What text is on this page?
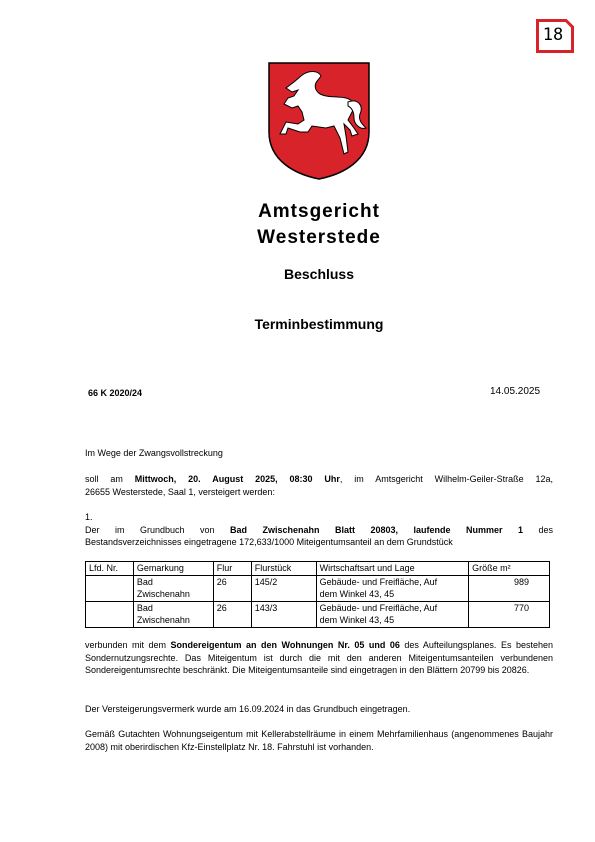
18
Amtsgericht
Westerstede
Beschluss
Terminbestimmung
66 K 2020/24	14.05.2025

Im Wege der Zwangsvollstreckung

soll am Mittwoch, 20. August 2025, 08:30 Uhr, im Amtsgericht Wilhelm-Geiler-Straße 12a,

26655 Westerstede, Saal 1, versteigert werden:

1.

Der im Grundbuch von Bad Zwischenahn Blatt 20803, laufende Nummer 1 des

Bestandsverzeichnisses eingetragene 172,633/1000 Miteigentumsanteil an dem Grundstück

Lfd. Nr.	Gemarkung	Flur	Flurstück	Wirtschaftsart und Lage	Größe m²
	Bad
Zwischenahn	26	145/2	Gebäude- und Freifläche, Auf
dem Winkel 43, 45	989
	Bad
Zwischenahn	26	143/3	Gebäude- und Freifläche, Auf
dem Winkel 43, 45	770

verbunden mit dem Sondereigentum an den Wohnungen Nr. 05 und 06 des Aufteilungsplanes. Es bestehen Sondernutzungsrechte. Das Miteigentum ist durch die mit den anderen Miteigentumsanteilen verbundenen Sondereigentumsrechte beschränkt. Die Miteigentumsanteile sind eingetragen in den Blättern 20799 bis 20826.

Der Versteigerungsvermerk wurde am 16.09.2024 in das Grundbuch eingetragen.

Gemäß Gutachten Wohnungseigentum mit Kellerabstellräume in einem Mehrfamilienhaus (angenommenes Baujahr 2008) mit oberirdischen Kfz-Einstellplatz Nr. 18. Fahrstuhl ist vorhanden.
